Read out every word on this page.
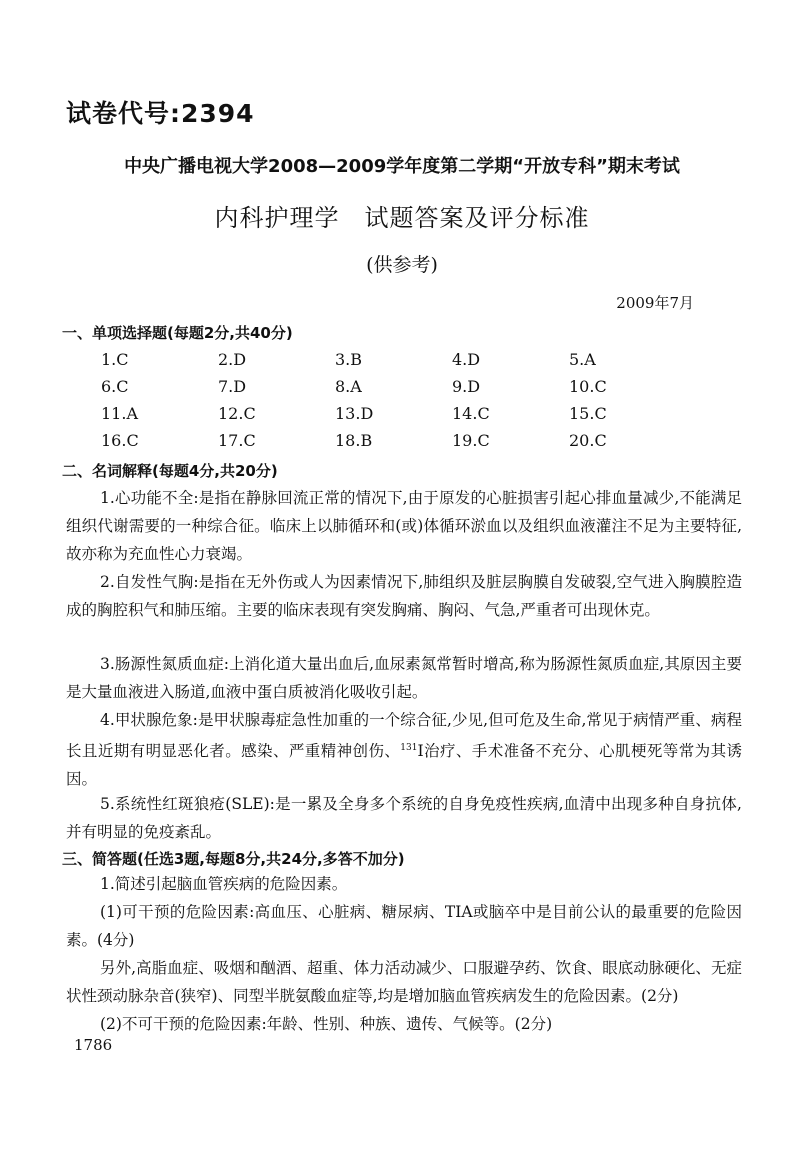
试卷代号:2394
中央广播电视大学2008—2009学年度第二学期“开放专科”期末考试
内科护理学　试题答案及评分标准
(供参考)
2009年7月
一、单项选择题(每题2分,共40分)
1.C	2.D	3.B	4.D	5.A
6.C	7.D	8.A	9.D	10.C
11.A	12.C	13.D	14.C	15.C
16.C	17.C	18.B	19.C	20.C
二、名词解释(每题4分,共20分)
1.心功能不全:是指在静脉回流正常的情况下,由于原发的心脏损害引起心排血量减少,不能满足组织代谢需要的一种综合征。临床上以肺循环和(或)体循环淤血以及组织血液灌注不足为主要特征,故亦称为充血性心力衰竭。
2.自发性气胸:是指在无外伤或人为因素情况下,肺组织及脏层胸膜自发破裂,空气进入胸膜腔造成的胸腔积气和肺压缩。主要的临床表现有突发胸痛、胸闷、气急,严重者可出现休克。
3.肠源性氮质血症:上消化道大量出血后,血尿素氮常暂时增高,称为肠源性氮质血症,其原因主要是大量血液进入肠道,血液中蛋白质被消化吸收引起。
4.甲状腺危象:是甲状腺毒症急性加重的一个综合征,少见,但可危及生命,常见于病情严重、病程长且近期有明显恶化者。感染、严重精神创伤、$^{131}$I治疗、手术准备不充分、心肌梗死等常为其诱因。
5.系统性红斑狼疮(SLE):是一累及全身多个系统的自身免疫性疾病,血清中出现多种自身抗体,并有明显的免疫紊乱。
三、简答题(任选3题,每题8分,共24分,多答不加分)
1.简述引起脑血管疾病的危险因素。
(1)可干预的危险因素:高血压、心脏病、糖尿病、TIA或脑卒中是目前公认的最重要的危险因素。(4分)
另外,高脂血症、吸烟和酗酒、超重、体力活动减少、口服避孕药、饮食、眼底动脉硬化、无症状性颈动脉杂音(狭窄)、同型半胱氨酸血症等,均是增加脑血管疾病发生的危险因素。(2分)
(2)不可干预的危险因素:年龄、性别、种族、遗传、气候等。(2分)
1786
